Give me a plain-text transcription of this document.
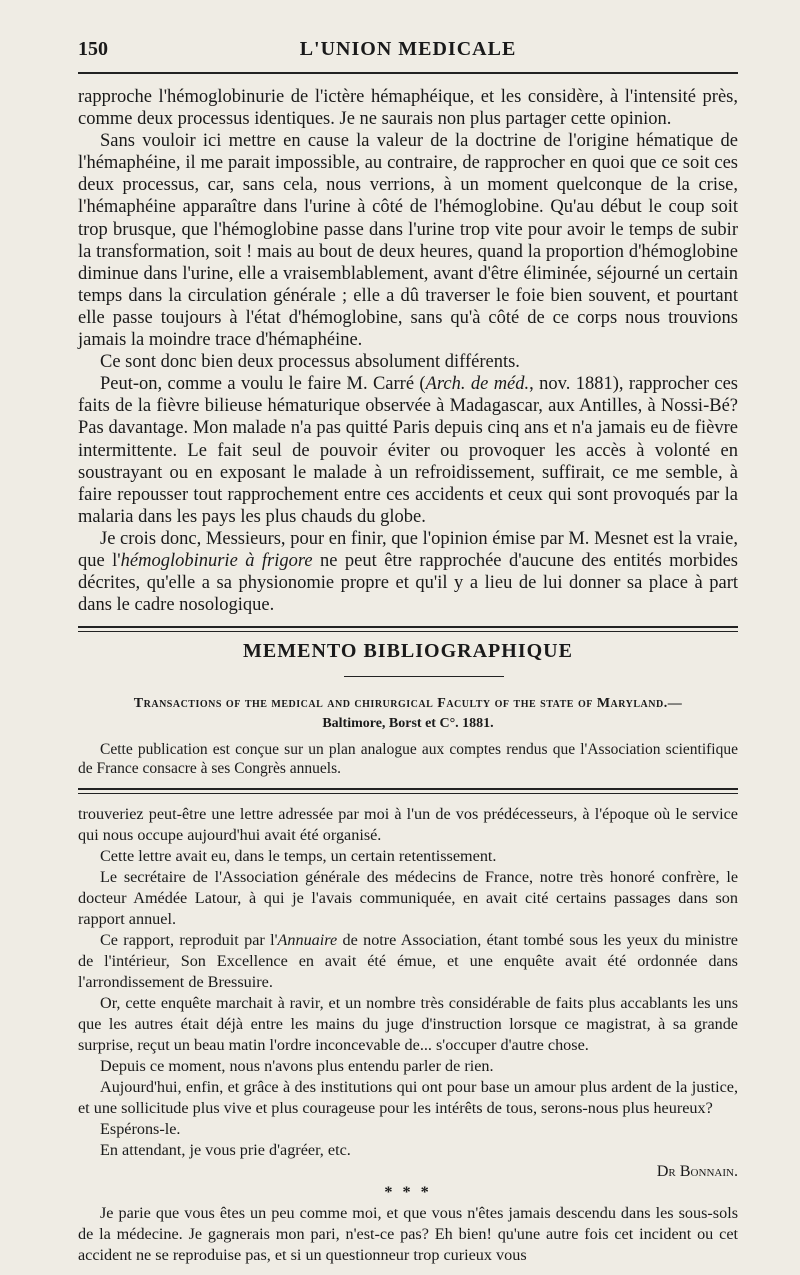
150	L'UNION MEDICALE

rapproche l'hémoglobinurie de l'ictère hémaphéique, et les considère, à l'intensité près, comme deux processus identiques. Je ne saurais non plus partager cette opinion.

Sans vouloir ici mettre en cause la valeur de la doctrine de l'origine hématique de l'hémaphéine, il me parait impossible, au contraire, de rapprocher en quoi que ce soit ces deux processus, car, sans cela, nous verrions, à un moment quelconque de la crise, l'hémaphéine apparaître dans l'urine à côté de l'hémoglobine. Qu'au début le coup soit trop brusque, que l'hémoglobine passe dans l'urine trop vite pour avoir le temps de subir la transformation, soit ! mais au bout de deux heures, quand la proportion d'hémoglobine diminue dans l'urine, elle a vraisemblablement, avant d'être éliminée, séjourné un certain temps dans la circulation générale ; elle a dû traverser le foie bien souvent, et pourtant elle passe toujours à l'état d'hémoglobine, sans qu'à côté de ce corps nous trouvions jamais la moindre trace d'hémaphéine.

Ce sont donc bien deux processus absolument différents.

Peut-on, comme a voulu le faire M. Carré (Arch. de méd., nov. 1881), rapprocher ces faits de la fièvre bilieuse hématurique observée à Madagascar, aux Antilles, à Nossi-Bé? Pas davantage. Mon malade n'a pas quitté Paris depuis cinq ans et n'a jamais eu de fièvre intermittente. Le fait seul de pouvoir éviter ou provoquer les accès à volonté en soustrayant ou en exposant le malade à un refroidissement, suffirait, ce me semble, à faire repousser tout rapprochement entre ces accidents et ceux qui sont provoqués par la malaria dans les pays les plus chauds du globe.

Je crois donc, Messieurs, pour en finir, que l'opinion émise par M. Mesnet est la vraie, que l'hémoglobinurie à frigore ne peut être rapprochée d'aucune des entités morbides décrites, qu'elle a sa physionomie propre et qu'il y a lieu de lui donner sa place à part dans le cadre nosologique.

MEMENTO BIBLIOGRAPHIQUE
Transactions of the medical and chirurgical Faculty of the state of Maryland.—
Baltimore, Borst et C°. 1881.
Cette publication est conçue sur un plan analogue aux comptes rendus que l'Association scientifique de France consacre à ses Congrès annuels.

trouveriez peut-être une lettre adressée par moi à l'un de vos prédécesseurs, à l'époque où le service qui nous occupe aujourd'hui avait été organisé.

Cette lettre avait eu, dans le temps, un certain retentissement.

Le secrétaire de l'Association générale des médecins de France, notre très honoré confrère, le docteur Amédée Latour, à qui je l'avais communiquée, en avait cité certains passages dans son rapport annuel.

Ce rapport, reproduit par l'Annuaire de notre Association, étant tombé sous les yeux du ministre de l'intérieur, Son Excellence en avait été émue, et une enquête avait été ordonnée dans l'arrondissement de Bressuire.

Or, cette enquête marchait à ravir, et un nombre très considérable de faits plus accablants les uns que les autres était déjà entre les mains du juge d'instruction lorsque ce magistrat, à sa grande surprise, reçut un beau matin l'ordre inconcevable de... s'occuper d'autre chose.

Depuis ce moment, nous n'avons plus entendu parler de rien.

Aujourd'hui, enfin, et grâce à des institutions qui ont pour base un amour plus ardent de la justice, et une sollicitude plus vive et plus courageuse pour les intérêts de tous, serons-nous plus heureux?

Espérons-le.

En attendant, je vous prie d'agréer, etc.

Dr Bonnain.

* * *

Je parie que vous êtes un peu comme moi, et que vous n'êtes jamais descendu dans les sous-sols de la médecine. Je gagnerais mon pari, n'est-ce pas? Eh bien! qu'une autre fois cet incident ou cet accident ne se reproduise pas, et si un questionneur trop curieux vous
